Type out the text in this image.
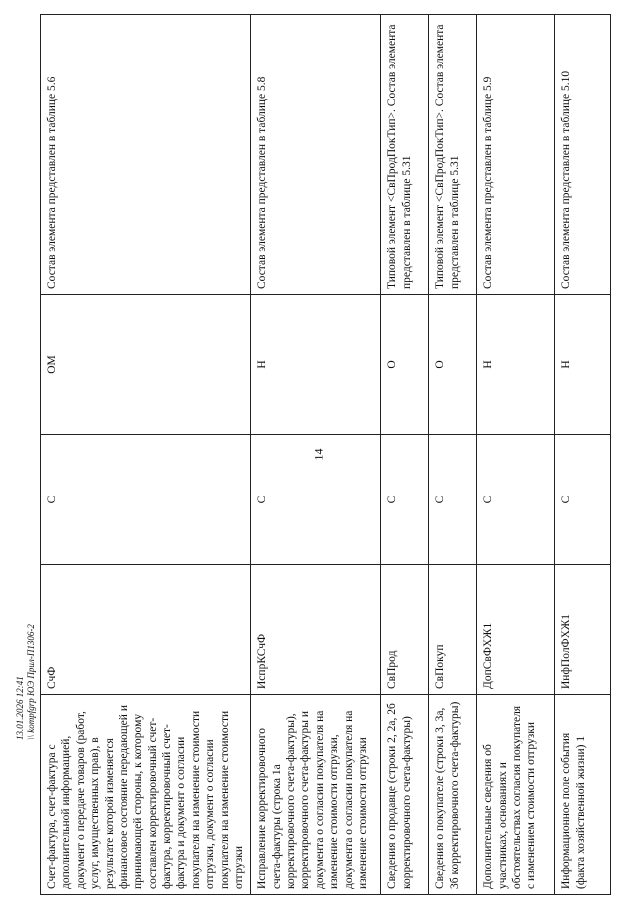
14
Счет-фактура, счет-фактура с дополнительной информацией, документ о передаче товаров (работ, услуг, имущественных прав), в результате которой изменяется финансовое состояние передающей и принимающей стороны, к которому составлен корректировочный счет-фактура, корректировочный счет-фактура и документ о согласии покупателя на изменение стоимости отгрузки, документ о согласии покупателя на изменение стоимости отгрузки	СчФ	С	ОМ	Состав элемента представлен в таблице 5.6
Исправление корректировочного счета-фактуры (строка 1а корректировочного счета-фактуры), корректировочного счета-фактуры и документа о согласии покупателя на изменение стоимости отгрузки, документа о согласии покупателя на изменение стоимости отгрузки	ИспрКСчФ	С	Н	Состав элемента представлен в таблице 5.8
Сведения о продавце (строки 2, 2а, 2б корректировочного счета-фактуры)	СвПрод	С	О	Типовой элемент <СвПродПокТип>. Состав элемента представлен в таблице 5.31
Сведения о покупателе (строки 3, 3а, 3б корректировочного счета-фактуры)	СвПокуп	С	О	Типовой элемент <СвПродПокТип>. Состав элемента представлен в таблице 5.31
Дополнительные сведения об участниках, основаниях и обстоятельствах согласия покупателя с изменением стоимости отгрузки	ДопСвФХЖ1	С	Н	Состав элемента представлен в таблице 5.9
Информационное поле события (факта хозяйственной жизни) 1	ИнфПолФХЖ1	С	Н	Состав элемента представлен в таблице 5.10
13.01.2026 12:41 \\ kompfgrp ЮЭ Прил-П1306-2
